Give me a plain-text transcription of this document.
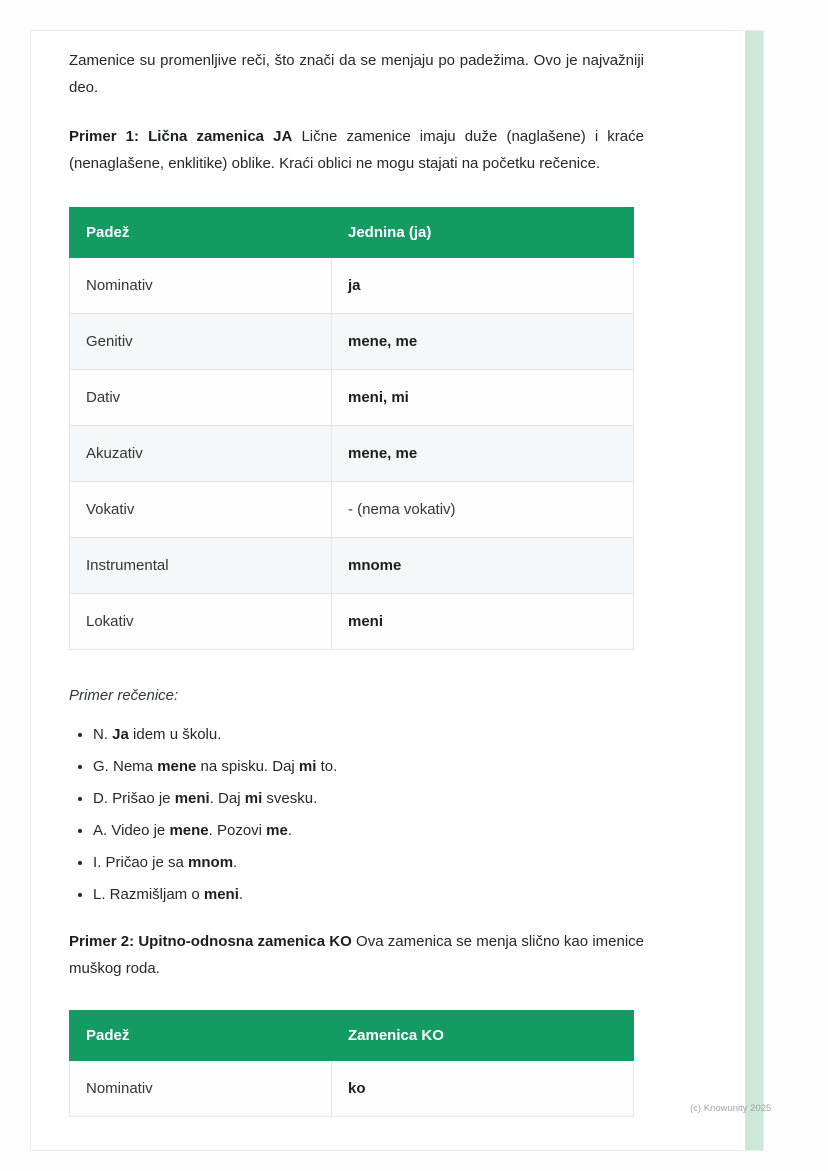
Zamenice su promenljive reči, što znači da se menjaju po padežima. Ovo je najvažniji deo.

Primer 1: Lična zamenica JA Lične zamenice imaju duže (naglašene) i kraće (nenaglašene, enklitike) oblike. Kraći oblici ne mogu stajati na početku rečenice.

Padež	Jednina (ja)
Nominativ	ja
Genitiv	mene, me
Dativ	meni, mi
Akuzativ	mene, me
Vokativ	- (nema vokativ)
Instrumental	mnome
Lokativ	meni

Primer rečenice:

• N. Ja idem u školu.
• G. Nema mene na spisku. Daj mi to.
• D. Prišao je meni. Daj mi svesku.
• A. Video je mene. Pozovi me.
• I. Pričao je sa mnom.
• L. Razmišljam o meni.

Primer 2: Upitno-odnosna zamenica KO Ova zamenica se menja slično kao imenice muškog roda.

Padež	Zamenica KO
Nominativ	ko
(c) Knowunity 2025
